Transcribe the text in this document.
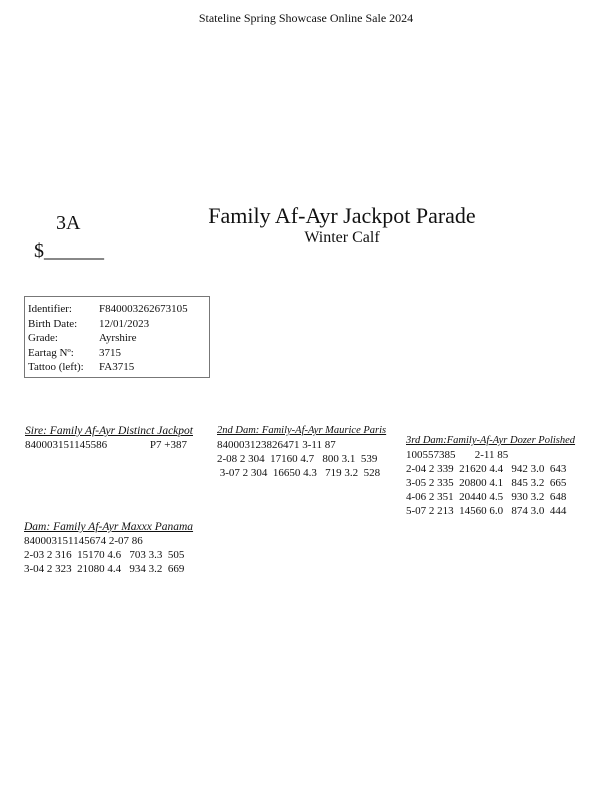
Stateline Spring Showcase Online Sale 2024
3A
$______
Family Af-Ayr Jackpot Parade
Winter Calf
Identifier:	F840003262673105
Birth Date:	12/01/2023
Grade:	Ayrshire
Eartag Nº:	3715
Tattoo (left):	FA3715
Sire: Family Af-Ayr Distinct Jackpot
840003151145586	P7 +387
Dam: Family Af-Ayr Maxxx Panama
840003151145674 2-07 86
2-03 2 316  15170 4.6   703 3.3  505
3-04 2 323  21080 4.4   934 3.2  669
2nd Dam: Family-Af-Ayr Maurice Paris
840003123826471 3-11 87
2-08 2 304  17160 4.7   800 3.1  539
3-07 2 304  16650 4.3   719 3.2  528
3rd Dam:Family-Af-Ayr Dozer Polished
100557385       2-11 85
2-04 2 339  21620 4.4   942 3.0  643
3-05 2 335  20800 4.1   845 3.2  665
4-06 2 351  20440 4.5   930 3.2  648
5-07 2 213  14560 6.0   874 3.0  444
